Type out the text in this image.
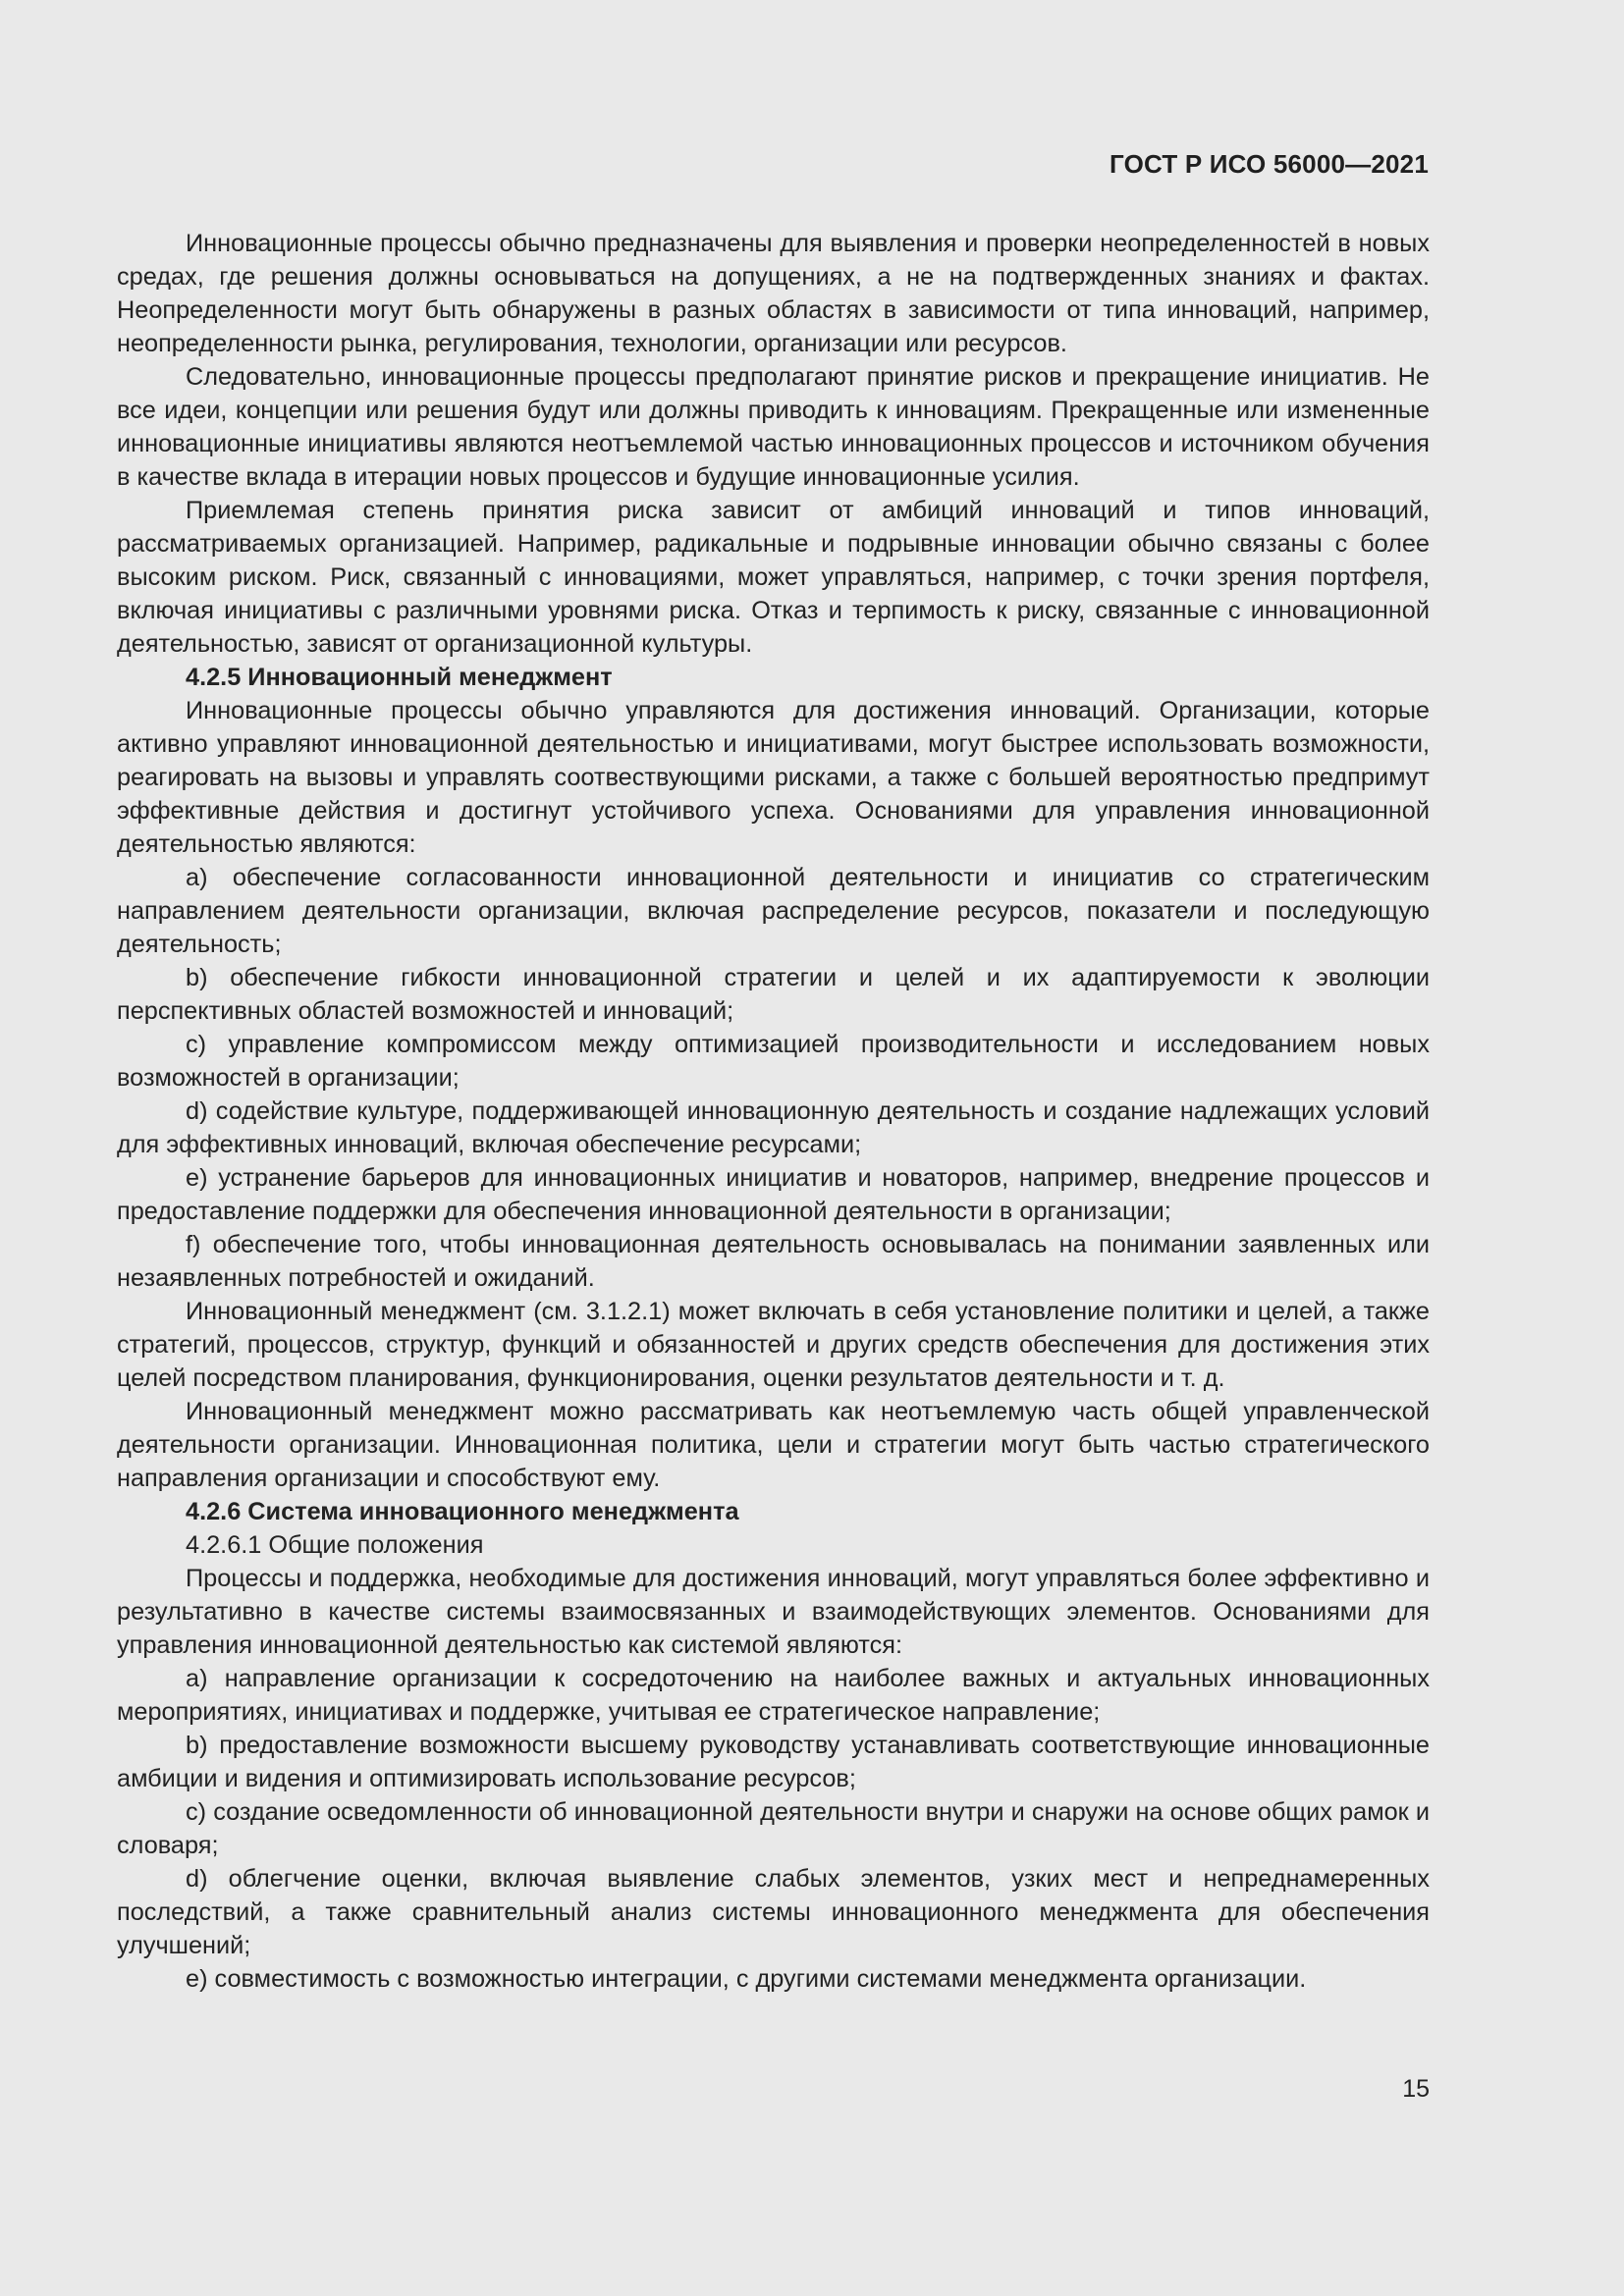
ГОСТ Р ИСО 56000—2021

Инновационные процессы обычно предназначены для выявления и проверки неопределенностей в новых средах, где решения должны основываться на допущениях, а не на подтвержденных знаниях и фактах. Неопределенности могут быть обнаружены в разных областях в зависимости от типа инноваций, например, неопределенности рынка, регулирования, технологии, организации или ресурсов.

Следовательно, инновационные процессы предполагают принятие рисков и прекращение инициатив. Не все идеи, концепции или решения будут или должны приводить к инновациям. Прекращенные или измененные инновационные инициативы являются неотъемлемой частью инновационных процессов и источником обучения в качестве вклада в итерации новых процессов и будущие инновационные усилия.

Приемлемая степень принятия риска зависит от амбиций инноваций и типов инноваций, рассматриваемых организацией. Например, радикальные и подрывные инновации обычно связаны с более высоким риском. Риск, связанный с инновациями, может управляться, например, с точки зрения портфеля, включая инициативы с различными уровнями риска. Отказ и терпимость к риску, связанные с инновационной деятельностью, зависят от организационной культуры.

4.2.5 Инновационный менеджмент

Инновационные процессы обычно управляются для достижения инноваций. Организации, которые активно управляют инновационной деятельностью и инициативами, могут быстрее использовать возможности, реагировать на вызовы и управлять соотвествующими рисками, а также с большей вероятностью предпримут эффективные действия и достигнут устойчивого успеха. Основаниями для управления инновационной деятельностью являются:

a) обеспечение согласованности инновационной деятельности и инициатив со стратегическим направлением деятельности организации, включая распределение ресурсов, показатели и последующую деятельность;

b) обеспечение гибкости инновационной стратегии и целей и их адаптируемости к эволюции перспективных областей возможностей и инноваций;

c) управление компромиссом между оптимизацией производительности и исследованием новых возможностей в организации;

d) содействие культуре, поддерживающей инновационную деятельность и создание надлежащих условий для эффективных инноваций, включая обеспечение ресурсами;

e) устранение барьеров для инновационных инициатив и новаторов, например, внедрение процессов и предоставление поддержки для обеспечения инновационной деятельности в организации;

f) обеспечение того, чтобы инновационная деятельность основывалась на понимании заявленных или незаявленных потребностей и ожиданий.

Инновационный менеджмент (см. 3.1.2.1) может включать в себя установление политики и целей, а также стратегий, процессов, структур, функций и обязанностей и других средств обеспечения для достижения этих целей посредством планирования, функционирования, оценки результатов деятельности и т. д.

Инновационный менеджмент можно рассматривать как неотъемлемую часть общей управленческой деятельности организации. Инновационная политика, цели и стратегии могут быть частью стратегического направления организации и способствуют ему.

4.2.6 Система инновационного менеджмента

4.2.6.1 Общие положения

Процессы и поддержка, необходимые для достижения инноваций, могут управляться более эффективно и результативно в качестве системы взаимосвязанных и взаимодействующих элементов. Основаниями для управления инновационной деятельностью как системой являются:

a) направление организации к сосредоточению на наиболее важных и актуальных инновационных мероприятиях, инициативах и поддержке, учитывая ее стратегическое направление;

b) предоставление возможности высшему руководству устанавливать соответствующие инновационные амбиции и видения и оптимизировать использование ресурсов;

c) создание осведомленности об инновационной деятельности внутри и снаружи на основе общих рамок и словаря;

d) облегчение оценки, включая выявление слабых элементов, узких мест и непреднамеренных последствий, а также сравнительный анализ системы инновационного менеджмента для обеспечения улучшений;

e) совместимость с возможностью интеграции, с другими системами менеджмента организации.

15
